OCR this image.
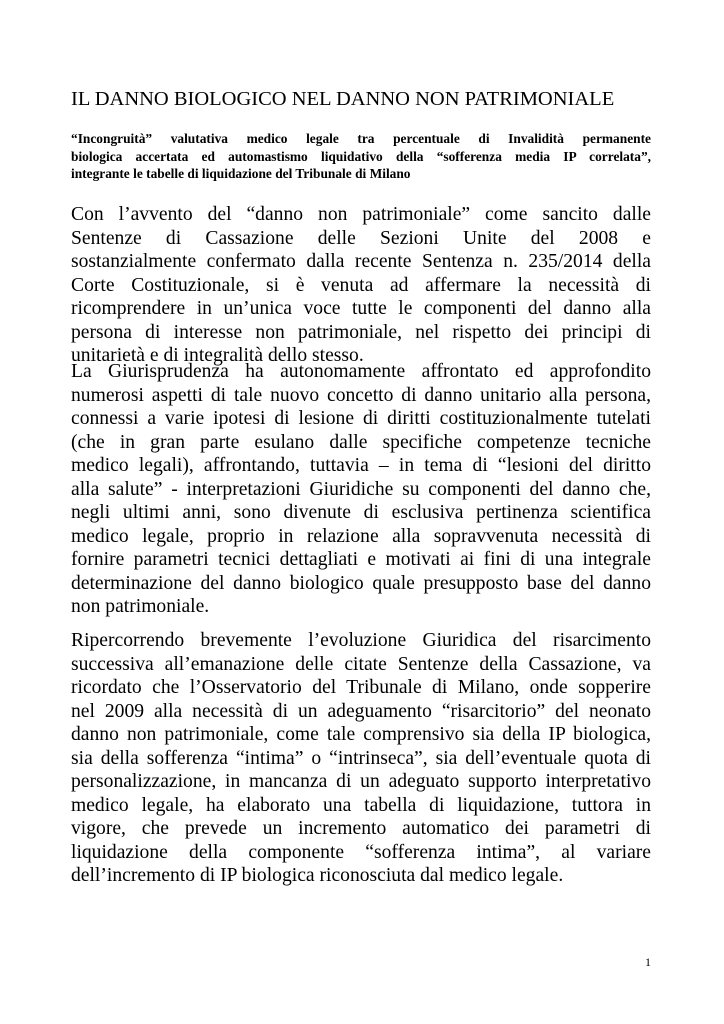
IL DANNO BIOLOGICO NEL DANNO NON PATRIMONIALE
“Incongruità” valutativa medico legale tra percentuale di Invalidità permanente
biologica accertata ed automastismo liquidativo della “sofferenza media IP correlata”,
integrante le tabelle di liquidazione del Tribunale di Milano
Con l’avvento del “danno non patrimoniale” come sancito dalle
Sentenze di Cassazione delle Sezioni Unite del 2008 e
sostanzialmente confermato dalla recente Sentenza n. 235/2014 della
Corte Costituzionale, si è venuta ad affermare la necessità di
ricomprendere in un’unica voce tutte le componenti del danno alla
persona di interesse non patrimoniale, nel rispetto dei principi di
unitarietà e di integralità dello stesso.
La Giurisprudenza ha autonomamente affrontato ed approfondito
numerosi aspetti di tale nuovo concetto di danno unitario alla persona,
connessi a varie ipotesi di lesione di diritti costituzionalmente tutelati
(che in gran parte esulano dalle specifiche competenze tecniche
medico legali), affrontando, tuttavia – in tema di “lesioni del diritto
alla salute” - interpretazioni Giuridiche su componenti del danno che,
negli ultimi anni, sono divenute di esclusiva pertinenza scientifica
medico legale, proprio in relazione alla sopravvenuta necessità di
fornire parametri tecnici dettagliati e motivati ai fini di una integrale
determinazione del danno biologico quale presupposto base del danno
non patrimoniale.
Ripercorrendo brevemente l’evoluzione Giuridica del risarcimento
successiva all’emanazione delle citate Sentenze della Cassazione, va
ricordato che l’Osservatorio del Tribunale di Milano, onde sopperire
nel 2009 alla necessità di un adeguamento “risarcitorio” del neonato
danno non patrimoniale, come tale comprensivo sia della IP biologica,
sia della sofferenza “intima” o “intrinseca”, sia dell’eventuale quota di
personalizzazione, in mancanza di un adeguato supporto interpretativo
medico legale, ha elaborato una tabella di liquidazione, tuttora in
vigore, che prevede un incremento automatico dei parametri di
liquidazione della componente “sofferenza intima”, al variare
dell’incremento di IP biologica riconosciuta dal medico legale.
1
